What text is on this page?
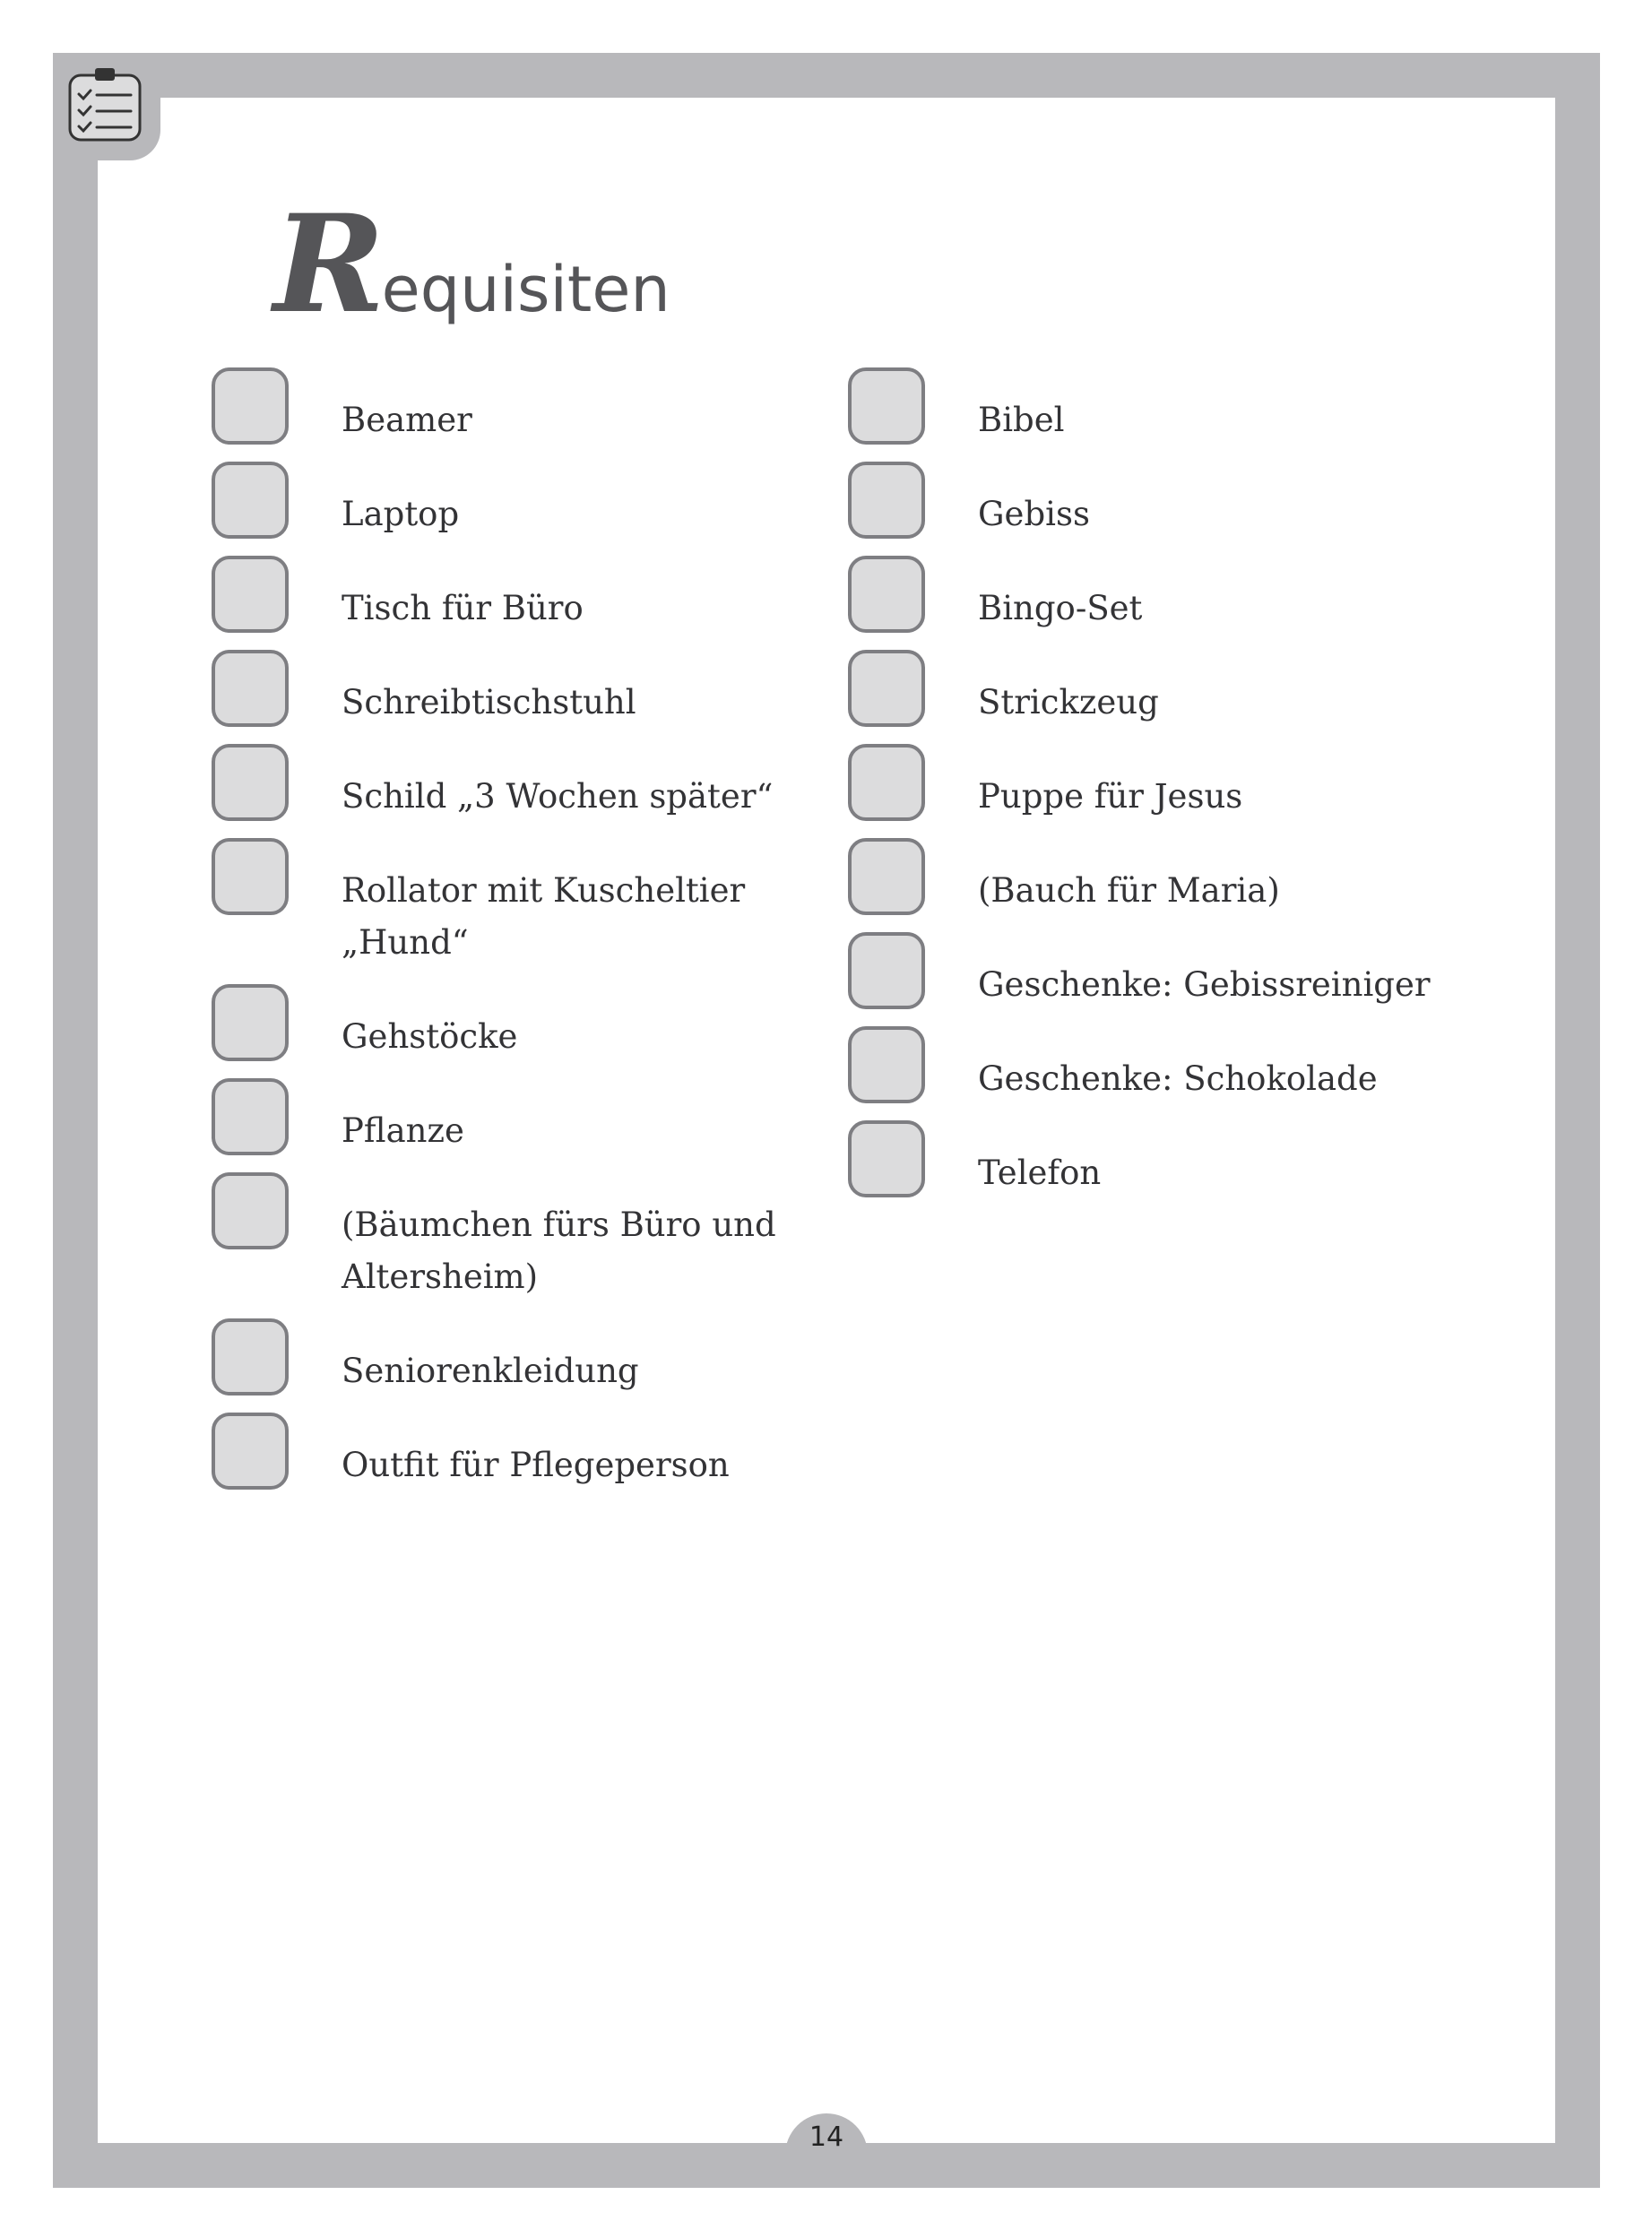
R equisiten
Beamer
Laptop
Tisch für Büro
Schreibtischstuhl
Schild „3 Wochen später“
Rollator mit Kuscheltier „Hund“
Gehstöcke
Pflanze
(Bäumchen fürs Büro und Altersheim)
Seniorenkleidung
Outfit für Pflegeperson
Bibel
Gebiss
Bingo-Set
Strickzeug
Puppe für Jesus
(Bauch für Maria)
Geschenke: Gebissreiniger
Geschenke: Schokolade
Telefon
14
